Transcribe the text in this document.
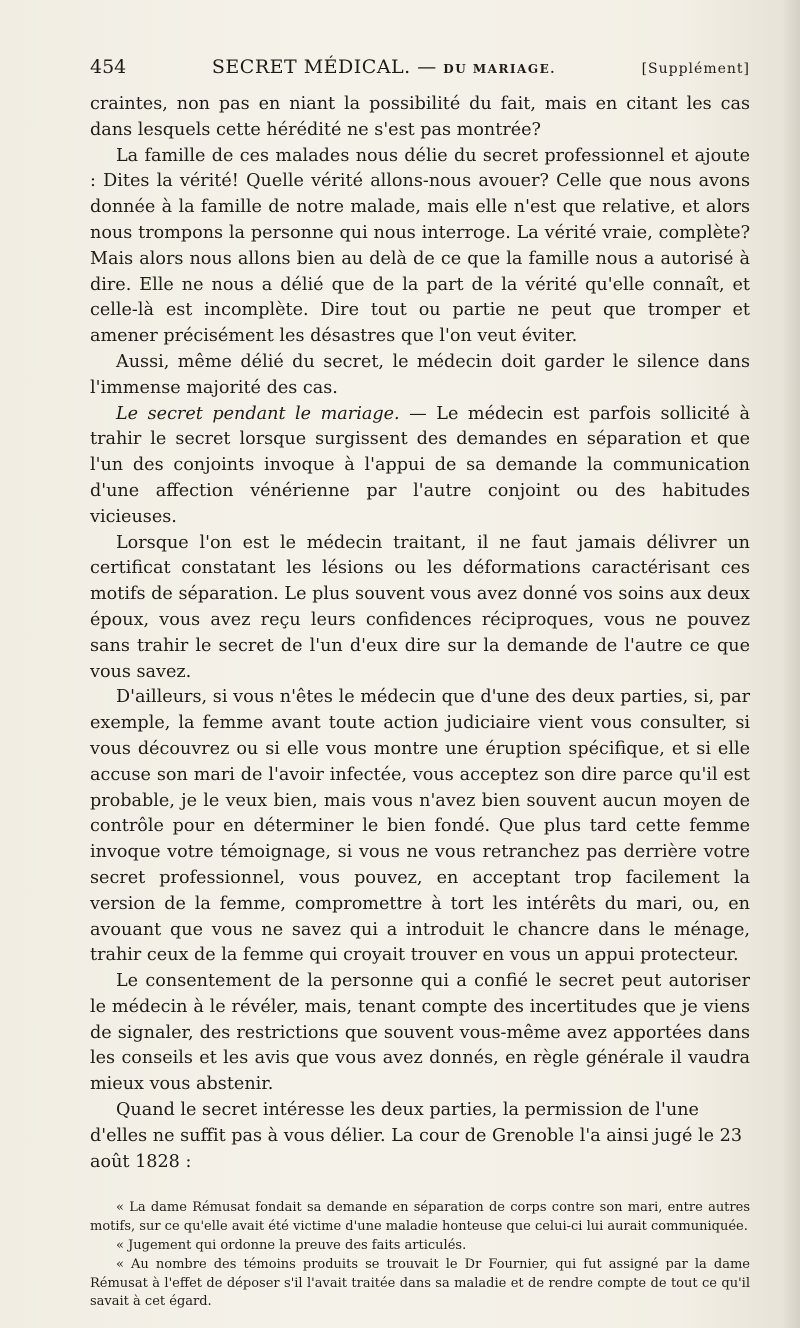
454	SECRET MÉDICAL. — DU MARIAGE.	[Supplément]

craintes, non pas en niant la possibilité du fait, mais en citant les cas dans lesquels cette hérédité ne s'est pas montrée?

La famille de ces malades nous délie du secret professionnel et ajoute : Dites la vérité! Quelle vérité allons-nous avouer? Celle que nous avons donnée à la famille de notre malade, mais elle n'est que relative, et alors nous trompons la personne qui nous interroge. La vérité vraie, complète? Mais alors nous allons bien au delà de ce que la famille nous a autorisé à dire. Elle ne nous a délié que de la part de la vérité qu'elle connaît, et celle-là est incomplète. Dire tout ou partie ne peut que tromper et amener précisément les désastres que l'on veut éviter.

Aussi, même délié du secret, le médecin doit garder le silence dans l'immense majorité des cas.

Le secret pendant le mariage. — Le médecin est parfois sollicité à trahir le secret lorsque surgissent des demandes en séparation et que l'un des conjoints invoque à l'appui de sa demande la communication d'une affection vénérienne par l'autre conjoint ou des habitudes vicieuses.

Lorsque l'on est le médecin traitant, il ne faut jamais délivrer un certificat constatant les lésions ou les déformations caractérisant ces motifs de séparation. Le plus souvent vous avez donné vos soins aux deux époux, vous avez reçu leurs confidences réciproques, vous ne pouvez sans trahir le secret de l'un d'eux dire sur la demande de l'autre ce que vous savez.

D'ailleurs, si vous n'êtes le médecin que d'une des deux parties, si, par exemple, la femme avant toute action judiciaire vient vous consulter, si vous découvrez ou si elle vous montre une éruption spécifique, et si elle accuse son mari de l'avoir infectée, vous acceptez son dire parce qu'il est probable, je le veux bien, mais vous n'avez bien souvent aucun moyen de contrôle pour en déterminer le bien fondé. Que plus tard cette femme invoque votre témoignage, si vous ne vous retranchez pas derrière votre secret professionnel, vous pouvez, en acceptant trop facilement la version de la femme, compromettre à tort les intérêts du mari, ou, en avouant que vous ne savez qui a introduit le chancre dans le ménage, trahir ceux de la femme qui croyait trouver en vous un appui protecteur.

Le consentement de la personne qui a confié le secret peut autoriser le médecin à le révéler, mais, tenant compte des incertitudes que je viens de signaler, des restrictions que souvent vous-même avez apportées dans les conseils et les avis que vous avez donnés, en règle générale il vaudra mieux vous abstenir.

Quand le secret intéresse les deux parties, la permission de l'une d'elles ne suffit pas à vous délier. La cour de Grenoble l'a ainsi jugé le 23 août 1828 :

« La dame Rémusat fondait sa demande en séparation de corps contre son mari, entre autres motifs, sur ce qu'elle avait été victime d'une maladie honteuse que celui-ci lui aurait communiquée.

« Jugement qui ordonne la preuve des faits articulés.

« Au nombre des témoins produits se trouvait le Dr Fournier, qui fut assigné par la dame Rémusat à l'effet de déposer s'il l'avait traitée dans sa maladie et de rendre compte de tout ce qu'il savait à cet égard.
